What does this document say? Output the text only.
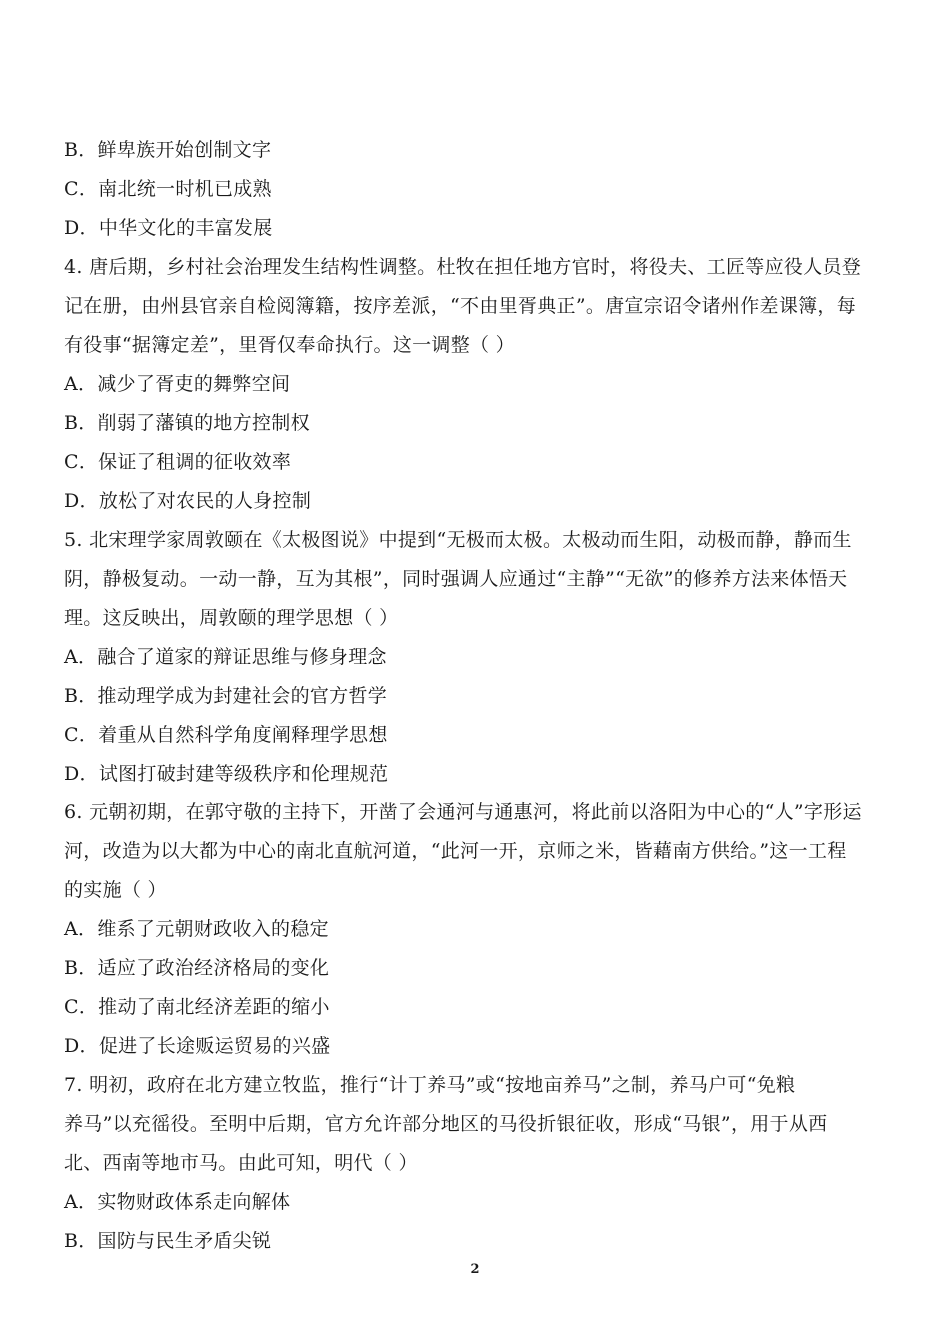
B．鲜卑族开始创制文字
C．南北统一时机已成熟
D．中华文化的丰富发展
4. 唐后期，乡村社会治理发生结构性调整。杜牧在担任地方官时，将役夫、工匠等应役人员登
记在册，由州县官亲自检阅簿籍，按序差派，“不由里胥典正”。唐宣宗诏令诸州作差课簿，每
有役事“据簿定差”，里胥仅奉命执行。这一调整（ ）
A．减少了胥吏的舞弊空间
B．削弱了藩镇的地方控制权
C．保证了租调的征收效率
D．放松了对农民的人身控制
5. 北宋理学家周敦颐在《太极图说》中提到“无极而太极。太极动而生阳，动极而静，静而生
阴，静极复动。一动一静，互为其根”，同时强调人应通过“主静”“无欲”的修养方法来体悟天
理。这反映出，周敦颐的理学思想（ ）
A．融合了道家的辩证思维与修身理念
B．推动理学成为封建社会的官方哲学
C．着重从自然科学角度阐释理学思想
D．试图打破封建等级秩序和伦理规范
6. 元朝初期，在郭守敬的主持下，开凿了会通河与通惠河，将此前以洛阳为中心的“人”字形运
河，改造为以大都为中心的南北直航河道，“此河一开，京师之米，皆藉南方供给。”这一工程
的实施（ ）
A．维系了元朝财政收入的稳定
B．适应了政治经济格局的变化
C．推动了南北经济差距的缩小
D．促进了长途贩运贸易的兴盛
7. 明初，政府在北方建立牧监，推行“计丁养马”或“按地亩养马”之制，养马户可“免粮
养马”以充徭役。至明中后期，官方允许部分地区的马役折银征收，形成“马银”，用于从西
北、西南等地市马。由此可知，明代（ ）
A．实物财政体系走向解体
B．国防与民生矛盾尖锐
2
